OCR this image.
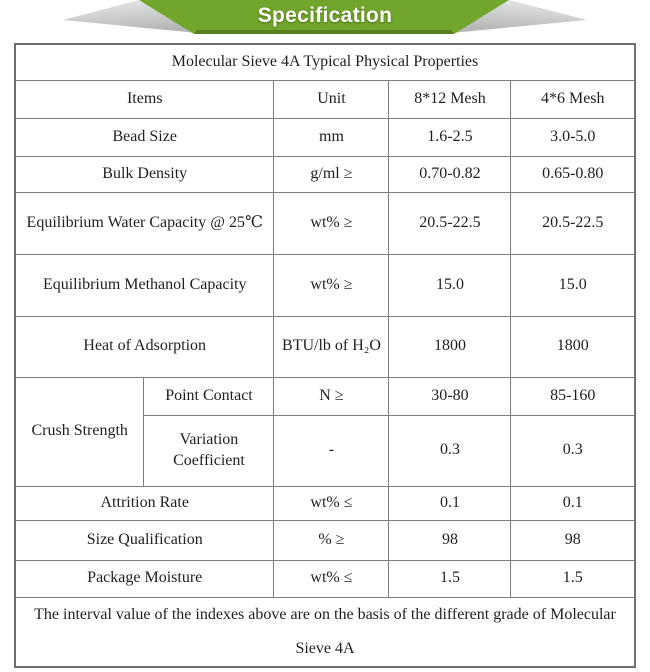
Specification
Molecular Sieve 4A Typical Physical Properties				
Items		Unit	8*12 Mesh	4*6 Mesh
Bead Size		mm	1.6-2.5	3.0-5.0
Bulk Density		g/ml ≥	0.70-0.82	0.65-0.80
Equilibrium Water Capacity @ 25℃		wt% ≥	20.5-22.5	20.5-22.5
Equilibrium Methanol Capacity		wt% ≥	15.0	15.0
Heat of Adsorption		BTU/lb of H₂O	1800	1800
Crush Strength	Point Contact	N ≥	30-80	85-160
	Variation Coefficient	-	0.3	0.3
Attrition Rate		wt% ≤	0.1	0.1
Size Qualification		% ≥	98	98
Package Moisture		wt% ≤	1.5	1.5

The interval value of the indexes above are on the basis of the different grade of Molecular
Sieve 4A				
